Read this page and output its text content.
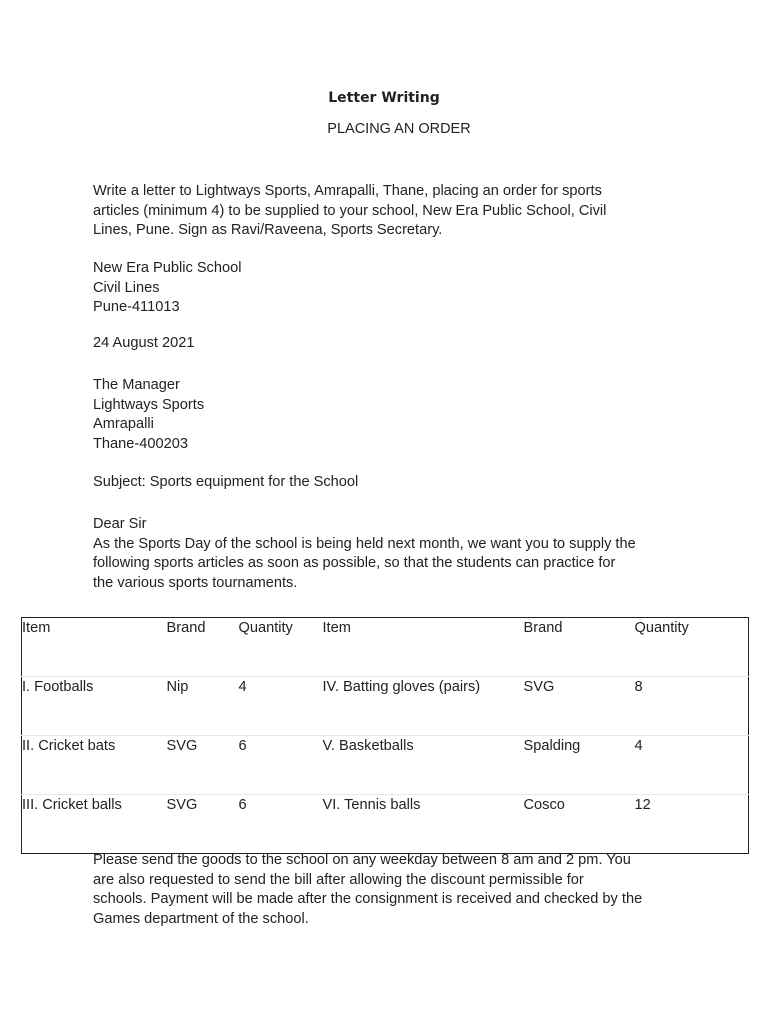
Letter Writing
PLACING AN ORDER

Write a letter to Lightways Sports, Amrapalli, Thane, placing an order for sports
articles (minimum 4) to be supplied to your school, New Era Public School, Civil
Lines, Pune. Sign as Ravi/Raveena, Sports Secretary.

New Era Public School
Civil Lines
Pune-411013

24 August 2021

The Manager
Lightways Sports
Amrapalli
Thane-400203

Subject: Sports equipment for the School

Dear Sir
As the Sports Day of the school is being held next month, we want you to supply the
following sports articles as soon as possible, so that the students can practice for
the various sports tournaments.

Item	Brand	Quantity	Item	Brand	Quantity
I. Footballs	Nip	4	IV. Batting gloves (pairs)	SVG	8
II. Cricket bats	SVG	6	V. Basketballs	Spalding	4
III. Cricket balls	SVG	6	VI. Tennis balls	Cosco	12

Please send the goods to the school on any weekday between 8 am and 2 pm. You
are also requested to send the bill after allowing the discount permissible for
schools. Payment will be made after the consignment is received and checked by the
Games department of the school.
